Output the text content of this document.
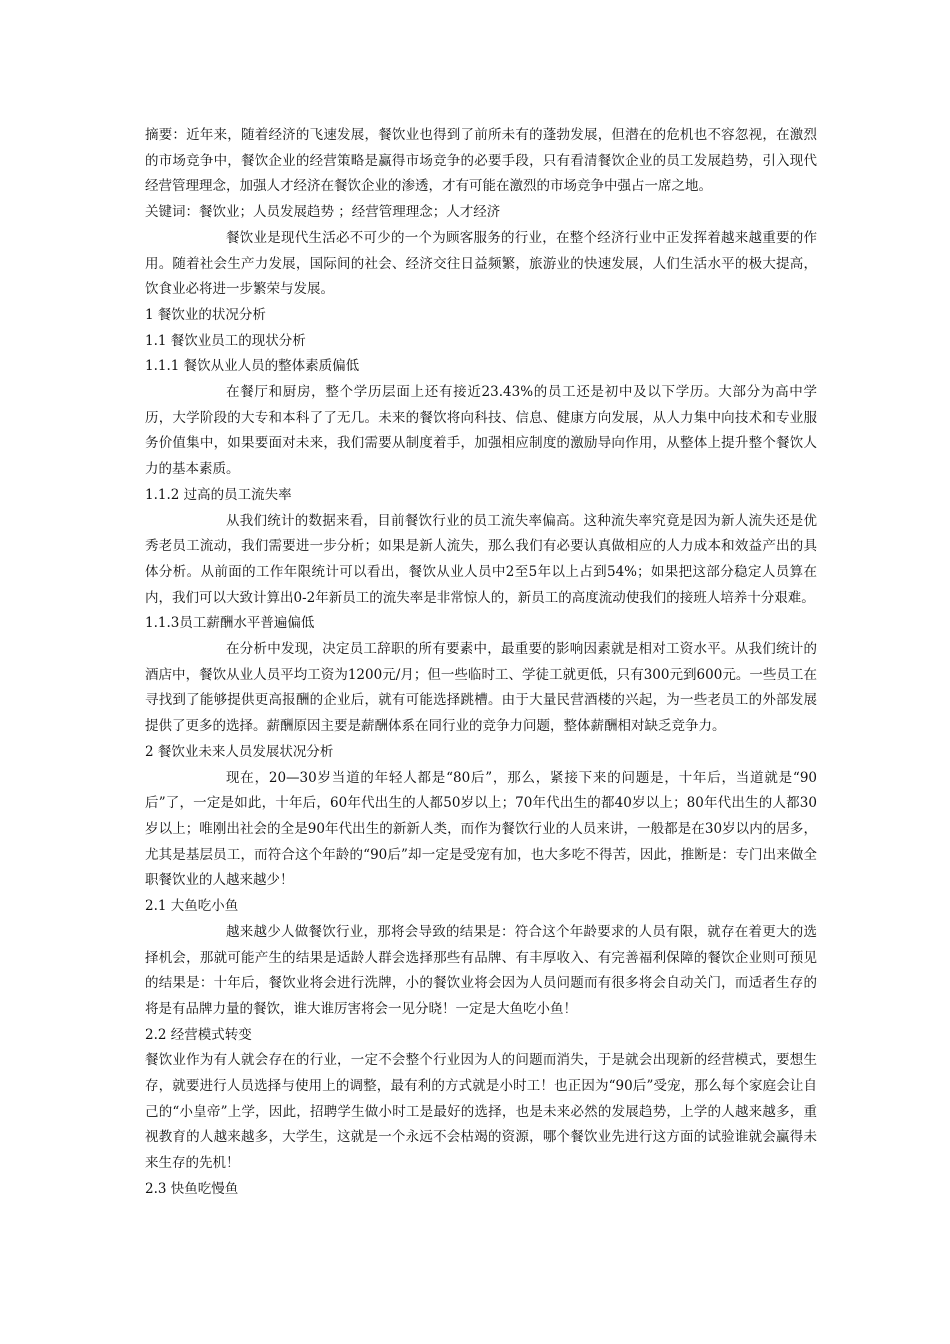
摘要：近年来，随着经济的飞速发展，餐饮业也得到了前所未有的蓬勃发展，但潜在的危机也不容忽视，在激烈的市场竞争中，餐饮企业的经营策略是赢得市场竞争的必要手段，只有看清餐饮企业的员工发展趋势，引入现代经营管理理念，加强人才经济在餐饮企业的渗透，才有可能在激烈的市场竞争中强占一席之地。

关键词：餐饮业；人员发展趋势 ；经营管理理念；人才经济

餐饮业是现代生活必不可少的一个为顾客服务的行业，在整个经济行业中正发挥着越来越重要的作用。随着社会生产力发展，国际间的社会、经济交往日益频繁，旅游业的快速发展，人们生活水平的极大提高，饮食业必将进一步繁荣与发展。

1 餐饮业的状况分析

1.1 餐饮业员工的现状分析

1.1.1 餐饮从业人员的整体素质偏低

在餐厅和厨房，整个学历层面上还有接近23.43%的员工还是初中及以下学历。大部分为高中学历，大学阶段的大专和本科了了无几。未来的餐饮将向科技、信息、健康方向发展，从人力集中向技术和专业服务价值集中，如果要面对未来，我们需要从制度着手，加强相应制度的激励导向作用，从整体上提升整个餐饮人力的基本素质。

1.1.2 过高的员工流失率

从我们统计的数据来看，目前餐饮行业的员工流失率偏高。这种流失率究竟是因为新人流失还是优秀老员工流动，我们需要进一步分析；如果是新人流失，那么我们有必要认真做相应的人力成本和效益产出的具体分析。从前面的工作年限统计可以看出，餐饮从业人员中2至5年以上占到54%；如果把这部分稳定人员算在内，我们可以大致计算出0-2年新员工的流失率是非常惊人的，新员工的高度流动使我们的接班人培养十分艰难。

1.1.3员工薪酬水平普遍偏低

在分析中发现，决定员工辞职的所有要素中，最重要的影响因素就是相对工资水平。从我们统计的酒店中，餐饮从业人员平均工资为1200元/月；但一些临时工、学徒工就更低，只有300元到600元。一些员工在寻找到了能够提供更高报酬的企业后，就有可能选择跳槽。由于大量民营酒楼的兴起，为一些老员工的外部发展提供了更多的选择。薪酬原因主要是薪酬体系在同行业的竞争力问题，整体薪酬相对缺乏竞争力。

2 餐饮业未来人员发展状况分析

现在，20—30岁当道的年轻人都是“80后”，那么，紧接下来的问题是，十年后，当道就是“90后”了，一定是如此，十年后，60年代出生的人都50岁以上；70年代出生的都40岁以上；80年代出生的人都30岁以上；唯刚出社会的全是90年代出生的新新人类，而作为餐饮行业的人员来讲，一般都是在30岁以内的居多，尤其是基层员工，而符合这个年龄的“90后”却一定是受宠有加，也大多吃不得苦，因此，推断是：专门出来做全职餐饮业的人越来越少！

2.1 大鱼吃小鱼

越来越少人做餐饮行业，那将会导致的结果是：符合这个年龄要求的人员有限，就存在着更大的选择机会，那就可能产生的结果是适龄人群会选择那些有品牌、有丰厚收入、有完善福利保障的餐饮企业则可预见的结果是：十年后，餐饮业将会进行洗牌，小的餐饮业将会因为人员问题而有很多将会自动关门，而适者生存的将是有品牌力量的餐饮，谁大谁厉害将会一见分晓！一定是大鱼吃小鱼！

2.2 经营模式转变

餐饮业作为有人就会存在的行业，一定不会整个行业因为人的问题而消失，于是就会出现新的经营模式，要想生存，就要进行人员选择与使用上的调整，最有利的方式就是小时工！也正因为“90后”受宠，那么每个家庭会让自己的“小皇帝”上学，因此，招聘学生做小时工是最好的选择，也是未来必然的发展趋势，上学的人越来越多，重视教育的人越来越多，大学生，这就是一个永远不会枯竭的资源，哪个餐饮业先进行这方面的试验谁就会赢得未来生存的先机！

2.3 快鱼吃慢鱼
